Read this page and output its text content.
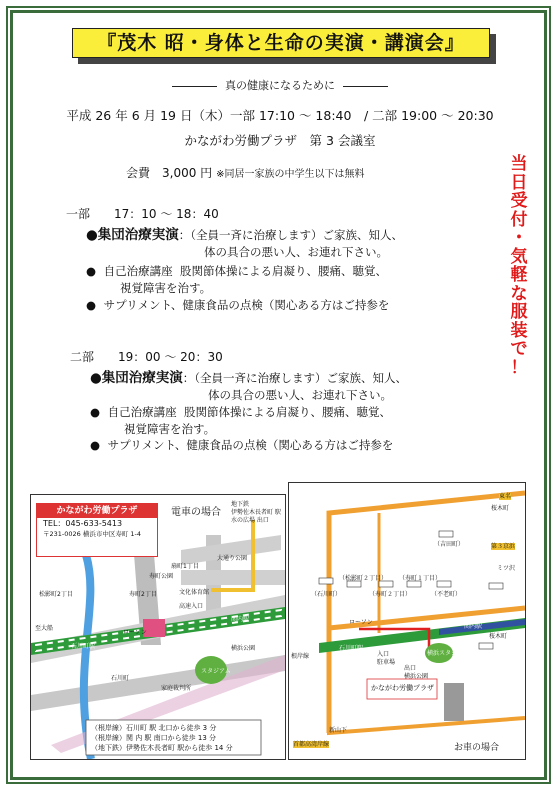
『茂木 昭・身体と生命の実演・講演会』
真の健康になるために
平成 26 年 6 月 19 日（木）一部 17:10 ～ 18:40　/ 二部 19:00 ～ 20:30
かながわ労働プラザ　第 3 会議室
会費　3,000 円 ※同居一家族の中学生以下は無料
当
日
受
付
・
気
軽
な
服
装
で
！
一部　　17：10 ～ 18：40
●集団治療実演：（全員一斉に治療します）ご家族、知人、
体の具合の悪い人、お連れ下さい。
● 自己治療講座 股関節体操による肩凝り、腰痛、聴覚、
視覚障害を治す。
● サプリメント、健康食品の点検（関心ある方はご持参を
二部　　19：00 ～ 20：30
●集団治療実演：（全員一斉に治療します）ご家族、知人、
体の具合の悪い人、お連れ下さい。
● 自己治療講座 股関節体操による肩凝り、腰痛、聴覚、
視覚障害を治す。
● サプリメント、健康食品の点検（関心ある方はご持参を
かながわ労働プラザ
TEL：045-633-5413
〒231-0026 横浜市中区寿町 1-4
電車の場合
地下鉄
伊勢佐木長者町 駅
水の広場 出口
扇町1丁目
松影町2丁目	寿町2丁目
寿町公園
文化体育館
高速入口
ローソン
石川町駅
関内駅
スタジアム
横浜公園
石川町
家庭裁判所
大通り公園
至大船
（根岸線）石川町 駅 北口から徒歩 3 分
（根岸線）関 内 駅 南口から徒歩 13 分
（地下鉄）伊勢佐木長者町 駅から徒歩 14 分
東名
桜木町
（吉田町）	第３京浜
ミツ沢
（松影町２丁目）
（寿町２丁目）
（寿町１丁目）
（不老町）
（石川町）
ローソン
根岸線
石川町駅
関内駅
桜木町
入口
駐車場
出口
横浜公園
横浜スタジアム
かながわ労働プラザ
新山下
首都高湾岸線	お車の場合
